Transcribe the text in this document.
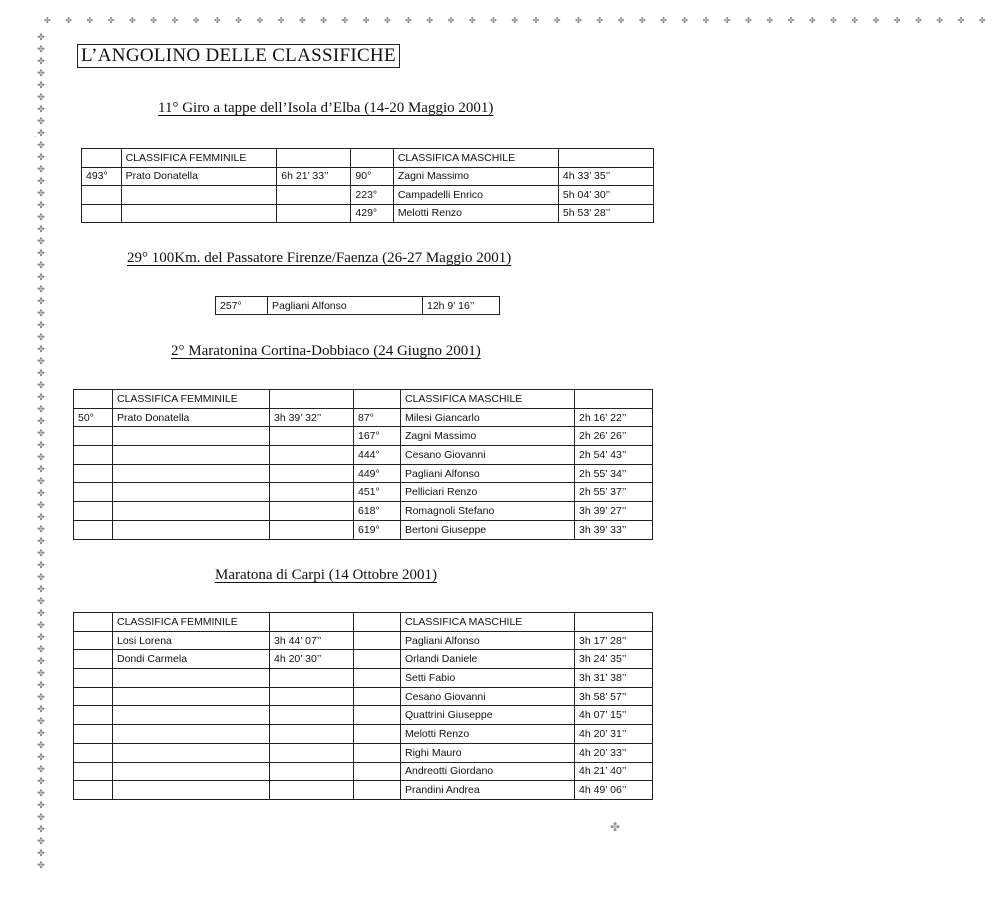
✤ ✤ ✤ ✤ ✤ ✤ ✤ ✤ ✤ ✤ ✤ ✤ ✤ ✤ ✤ ✤ ✤ ✤ ✤ ✤ ✤ ✤ ✤ ✤ ✤ ✤ ✤ ✤ ✤ ✤ ✤ ✤ ✤ ✤ ✤ ✤ ✤ ✤ ✤ ✤ ✤ ✤ ✤ ✤ ✤
✤ ✤ ✤ ✤ ✤ ✤ ✤ ✤ ✤ ✤ ✤ ✤ ✤ ✤ ✤ ✤ ✤ ✤ ✤ ✤ ✤ ✤ ✤ ✤ ✤ ✤ ✤ ✤ ✤ ✤ ✤ ✤ ✤ ✤ ✤ ✤ ✤ ✤ ✤ ✤ ✤ ✤ ✤ ✤ ✤ ✤ ✤ ✤ ✤ ✤ ✤ ✤ ✤ ✤ ✤ ✤ ✤ ✤ ✤ ✤ ✤ ✤ ✤ ✤ ✤ ✤ ✤ ✤ ✤ ✤
·
✤
L’ANGOLINO DELLE CLASSIFICHE
11° Giro a tappe dell’Isola d’Elba (14-20 Maggio 2001)
	CLASSIFICA FEMMINILE			CLASSIFICA MASCHILE	
493°	Prato Donatella	6h 21’ 33’’	90°	Zagni Massimo	4h 33’ 35’’
			223°	Campadelli Enrico	5h 04’ 30’’
			429°	Melotti Renzo	5h 53’ 28’’
29° 100Km. del Passatore Firenze/Faenza (26-27 Maggio 2001)
257°	Pagliani Alfonso	12h 9’ 16’’
2° Maratonina Cortina-Dobbiaco (24 Giugno 2001)
	CLASSIFICA FEMMINILE			CLASSIFICA MASCHILE	
50°	Prato Donatella	3h 39’ 32’’	87°	Milesi Giancarlo	2h 16’ 22’’
			167°	Zagni Massimo	2h 26’ 26’’
			444°	Cesano Giovanni	2h 54’ 43’’
			449°	Pagliani Alfonso	2h 55’ 34’’
			451°	Pelliciari Renzo	2h 55’ 37’’
			618°	Romagnoli Stefano	3h 39’ 27’’
			619°	Bertoni Giuseppe	3h 39’ 33’’
Maratona di Carpi (14 Ottobre 2001)
	CLASSIFICA FEMMINILE			CLASSIFICA MASCHILE	
	Losi Lorena	3h 44’ 07’’		Pagliani Alfonso	3h 17’ 28’’
	Dondi Carmela	4h 20’ 30’’		Orlandi Daniele	3h 24’ 35’’
				Setti Fabio	3h 31’ 38’’
				Cesano Giovanni	3h 58’ 57’’
				Quattrini Giuseppe	4h 07’ 15’’
				Melotti Renzo	4h 20’ 31’’
				Righi Mauro	4h 20’ 33’’
				Andreotti Giordano	4h 21’ 40’’
				Prandini Andrea	4h 49’ 06’’
